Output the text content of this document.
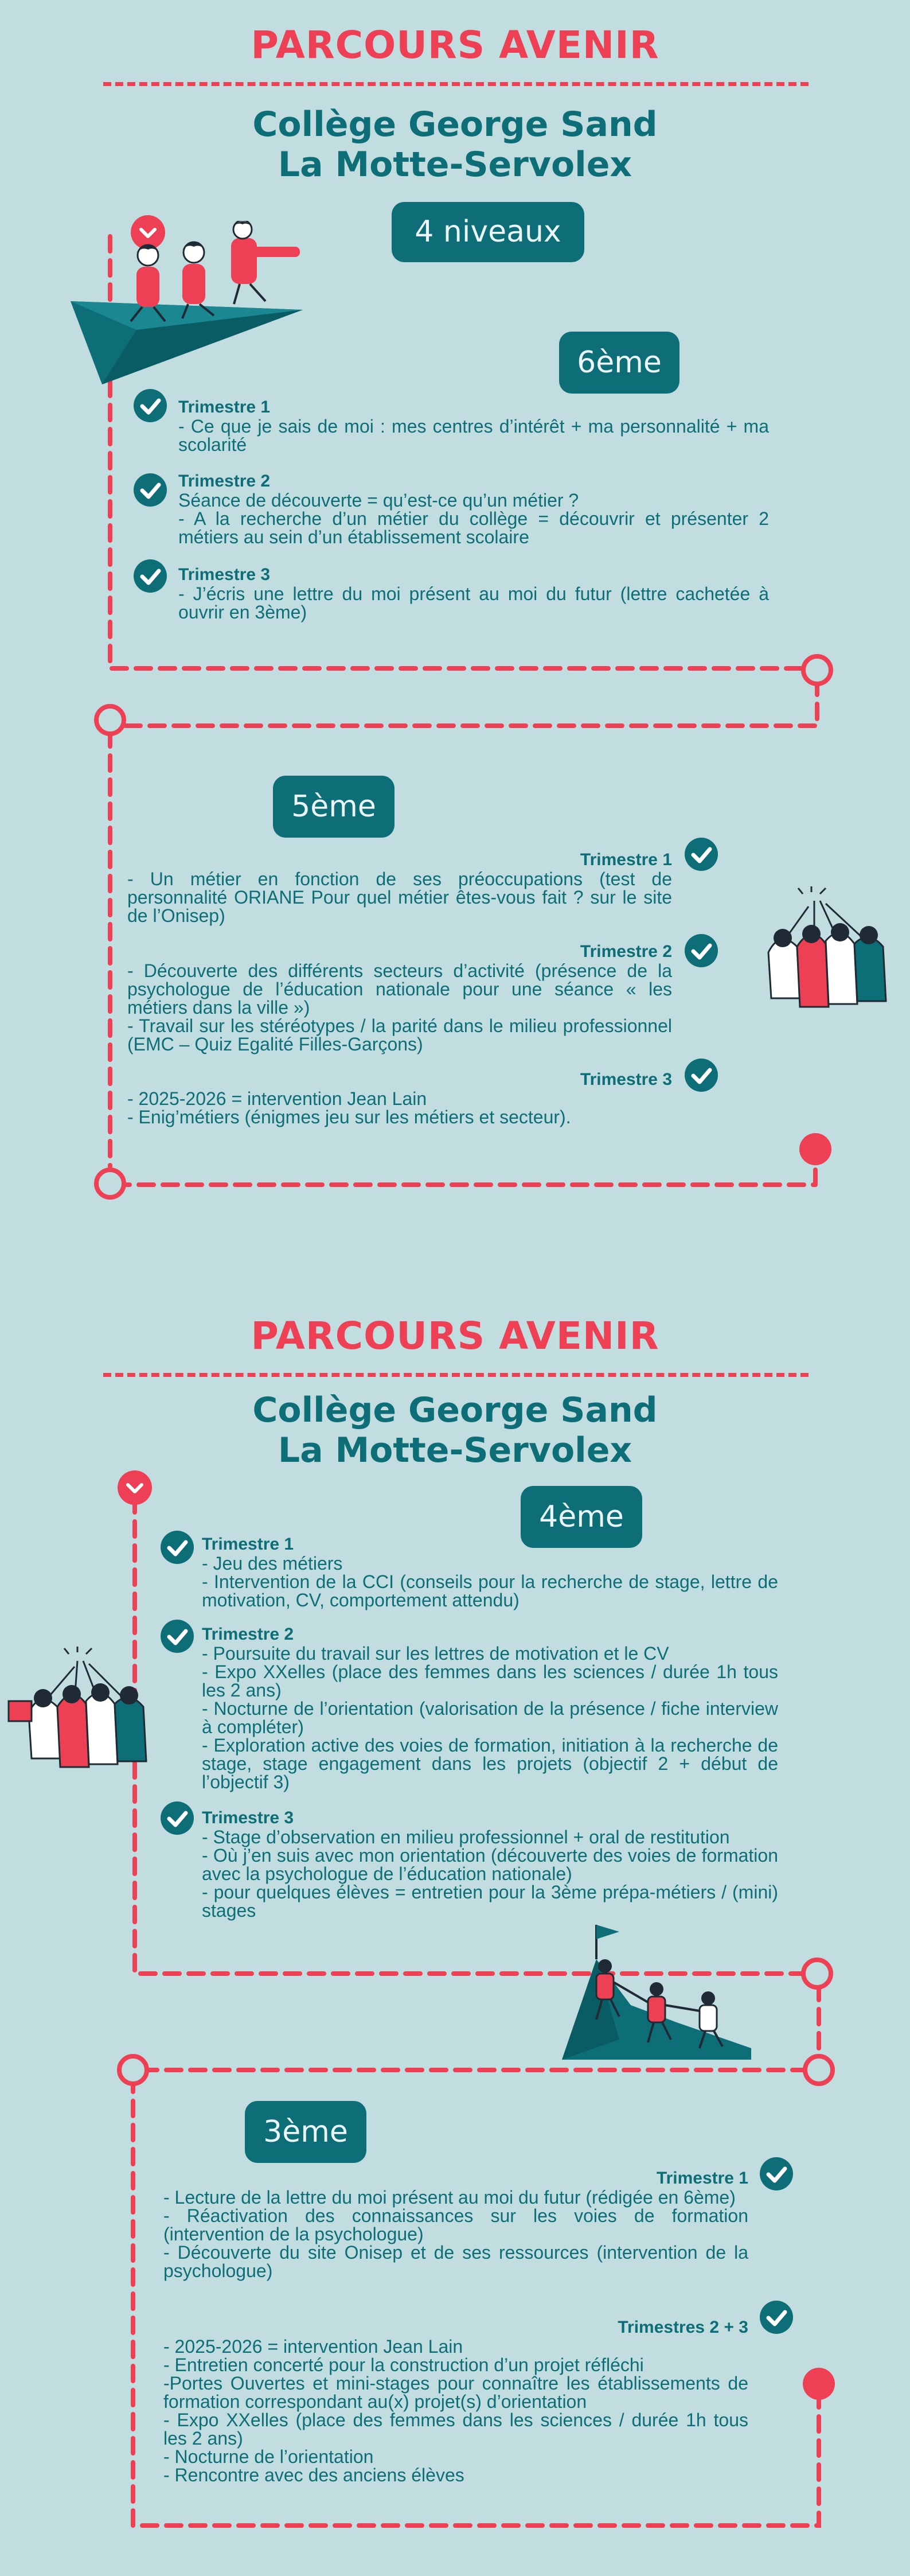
PARCOURS AVENIR
Collège George Sand
La Motte-Servolex
4 niveaux
6ème
Trimestre 1
- Ce que je sais de moi : mes centres d’intérêt + ma personnalité + ma scolarité
Trimestre 2
Séance de découverte = qu’est-ce qu’un métier ?
- A la recherche d’un métier du collège = découvrir et présenter 2 métiers au sein d’un établissement scolaire
Trimestre 3
- J’écris une lettre du moi présent au moi du futur (lettre cachetée à ouvrir en 3ème)
5ème
Trimestre 1
- Un métier en fonction de ses préoccupations (test de personnalité ORIANE Pour quel métier êtes-vous fait ? sur le site de l’Onisep)
Trimestre 2
- Découverte des différents secteurs d’activité (présence de la psychologue de l’éducation nationale pour une séance « les métiers dans la ville »)
- Travail sur les stéréotypes / la parité dans le milieu professionnel (EMC – Quiz Egalité Filles-Garçons)
Trimestre 3
- 2025-2026 = intervention Jean Lain
- Enig’métiers (énigmes jeu sur les métiers et secteur).
PARCOURS AVENIR
Collège George Sand
La Motte-Servolex
4ème
Trimestre 1
- Jeu des métiers
- Intervention de la CCI (conseils pour la recherche de stage, lettre de motivation, CV, comportement attendu)
Trimestre 2
- Poursuite du travail sur les lettres de motivation et le CV
- Expo XXelles (place des femmes dans les sciences / durée 1h tous les 2 ans)
- Nocturne de l’orientation (valorisation de la présence / fiche interview à compléter)
- Exploration active des voies de formation, initiation à la recherche de stage, stage engagement dans les projets (objectif 2 + début de l’objectif 3)
Trimestre 3
- Stage d’observation en milieu professionnel + oral de restitution
- Où j’en suis avec mon orientation (découverte des voies de formation avec la psychologue de l’éducation nationale)
- pour quelques élèves = entretien pour la 3ème prépa-métiers / (mini) stages
3ème
Trimestre 1
- Lecture de la lettre du moi présent au moi du futur (rédigée en 6ème)
- Réactivation des connaissances sur les voies de formation (intervention de la psychologue)
- Découverte du site Onisep et de ses ressources (intervention de la psychologue)
Trimestres 2 + 3
- 2025-2026 = intervention Jean Lain
- Entretien concerté pour la construction d’un projet réfléchi
-Portes Ouvertes et mini-stages pour connaître les établissements de formation correspondant au(x) projet(s) d’orientation
- Expo XXelles (place des femmes dans les sciences / durée 1h tous les 2 ans)
- Nocturne de l’orientation
- Rencontre avec des anciens élèves
